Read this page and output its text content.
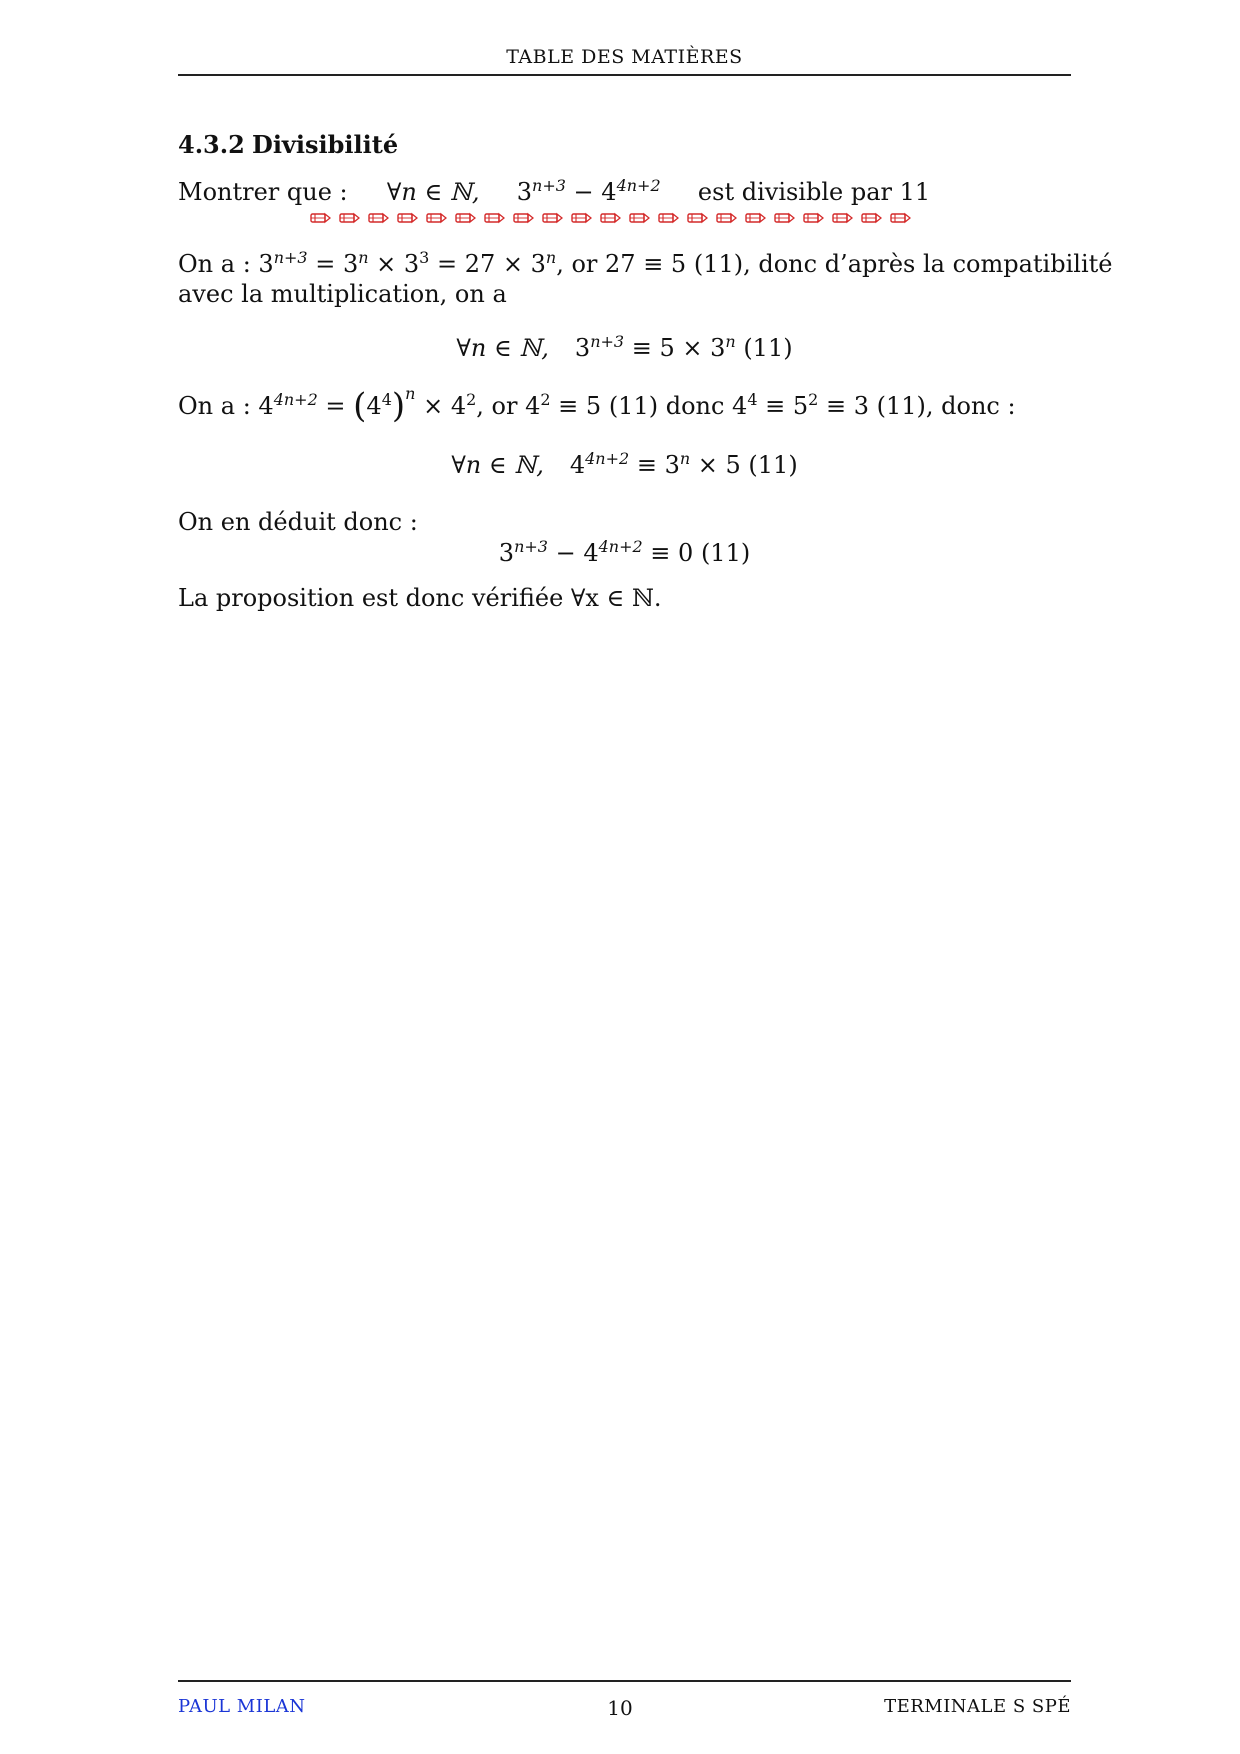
TABLE DES MATIÈRES
4.3.2 Divisibilité
Montrer que : ∀n ∈ ℕ, $3^{n+3} - 4^{4n+2}$ est divisible par 11
On a : $3^{n+3} = 3^n \times 3^3 = 27 \times 3^n$, or 27 ≡ 5 (11), donc d’après la compatibilité
avec la multiplication, on a
∀n ∈ ℕ, $3^{n+3} \equiv 5 \times 3^n$ (11)
On a : $4^{4n+2} = (4^4)^n \times 4^2$, or $4^2 \equiv 5$ (11) donc $4^4 \equiv 5^2 \equiv 3$ (11), donc :
∀n ∈ ℕ, $4^{4n+2} \equiv 3^n \times 5$ (11)
On en déduit donc :
$3^{n+3} - 4^{4n+2} \equiv 0$ (11)
La proposition est donc vérifiée ∀x ∈ ℕ.
PAUL MILAN	10	TERMINALE S SPÉ
